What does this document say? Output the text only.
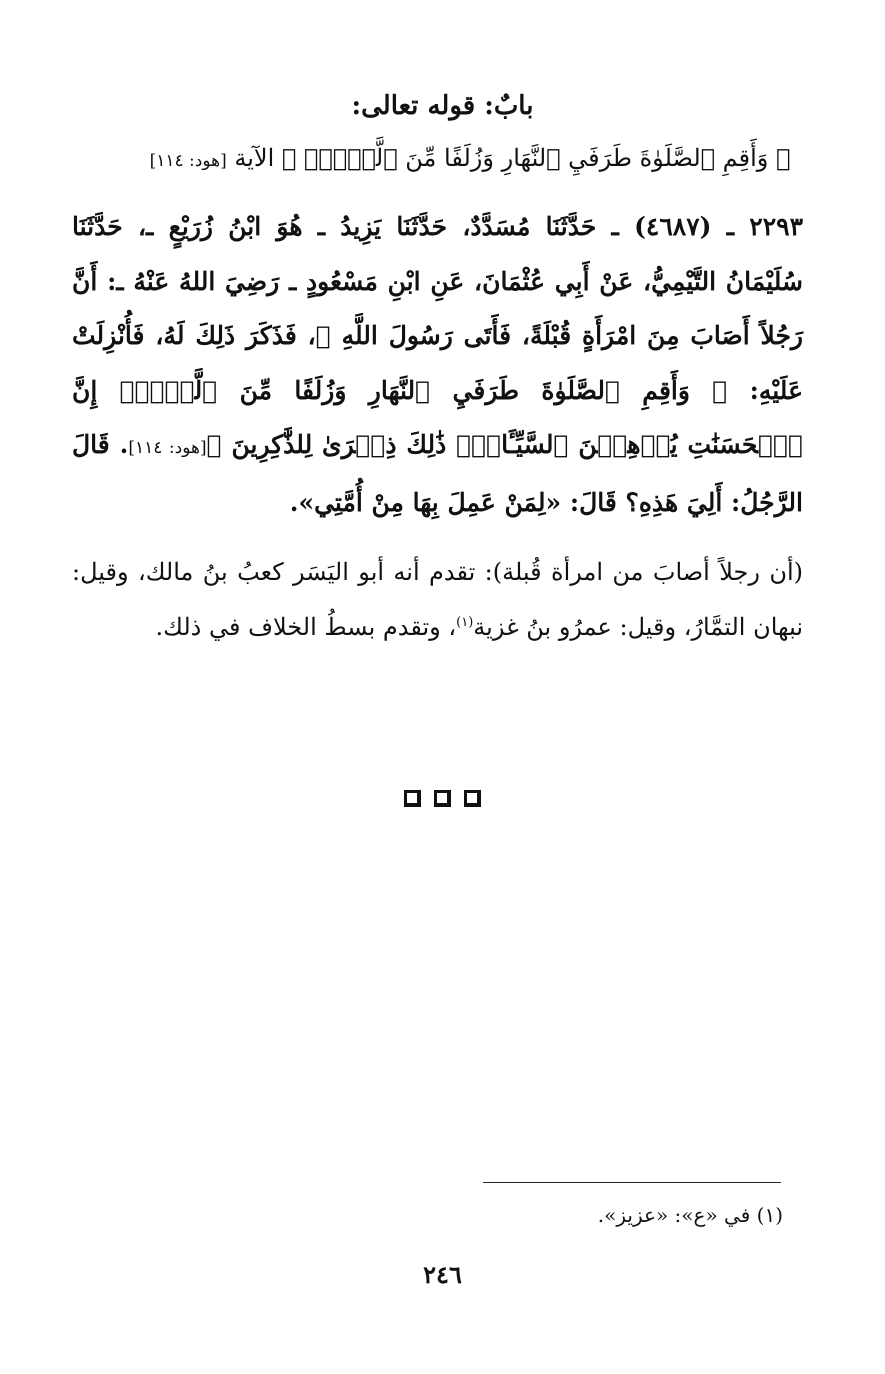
بابٌ: قوله تعالى:
﴿ وَأَقِمِ ٱلصَّلَوٰةَ طَرَفَيِ ٱلنَّهَارِ وَزُلَفًا مِّنَ ٱلَّيۡلِۚ ﴾ الآية [هود: ١١٤]
٢٢٩٣ ـ (٤٦٨٧) ـ حَدَّثَنَا مُسَدَّدٌ، حَدَّثَنَا يَزِيدُ ـ هُوَ ابْنُ زُرَيْعٍ ـ، حَدَّثَنَا سُلَيْمَانُ التَّيْمِيُّ، عَنْ أَبِي عُثْمَانَ، عَنِ ابْنِ مَسْعُودٍ ـ رَضِيَ اللهُ عَنْهُ ـ: أَنَّ رَجُلاً أَصَابَ مِنَ امْرَأَةٍ قُبْلَةً، فَأَتَى رَسُولَ اللَّهِ ﷺ، فَذَكَرَ ذَلِكَ لَهُ، فَأُنْزِلَتْ عَلَيْهِ: ﴿ وَأَقِمِ ٱلصَّلَوٰةَ طَرَفَيِ ٱلنَّهَارِ وَزُلَفًا مِّنَ ٱلَّيۡلِۚ إِنَّ ٱلۡحَسَنَٰتِ يُذۡهِبۡنَ ٱلسَّيِّـَٔاتِۚ ذَٰلِكَ ذِكۡرَىٰ لِلذَّٰكِرِينَ ﴾[هود: ١١٤]. قَالَ الرَّجُلُ: أَلِيَ هَذِهِ؟ قَالَ: «لِمَنْ عَمِلَ بِهَا مِنْ أُمَّتِي».
(أن رجلاً أصابَ من امرأة قُبلة): تقدم أنه أبو اليَسَر كعبُ بنُ مالك، وقيل: نبهان التمَّارُ، وقيل: عمرُو بنُ غزية$^{(١)}$، وتقدم بسطُ الخلاف في ذلك.
(١) في «ع»: «عزيز».
٢٤٦
